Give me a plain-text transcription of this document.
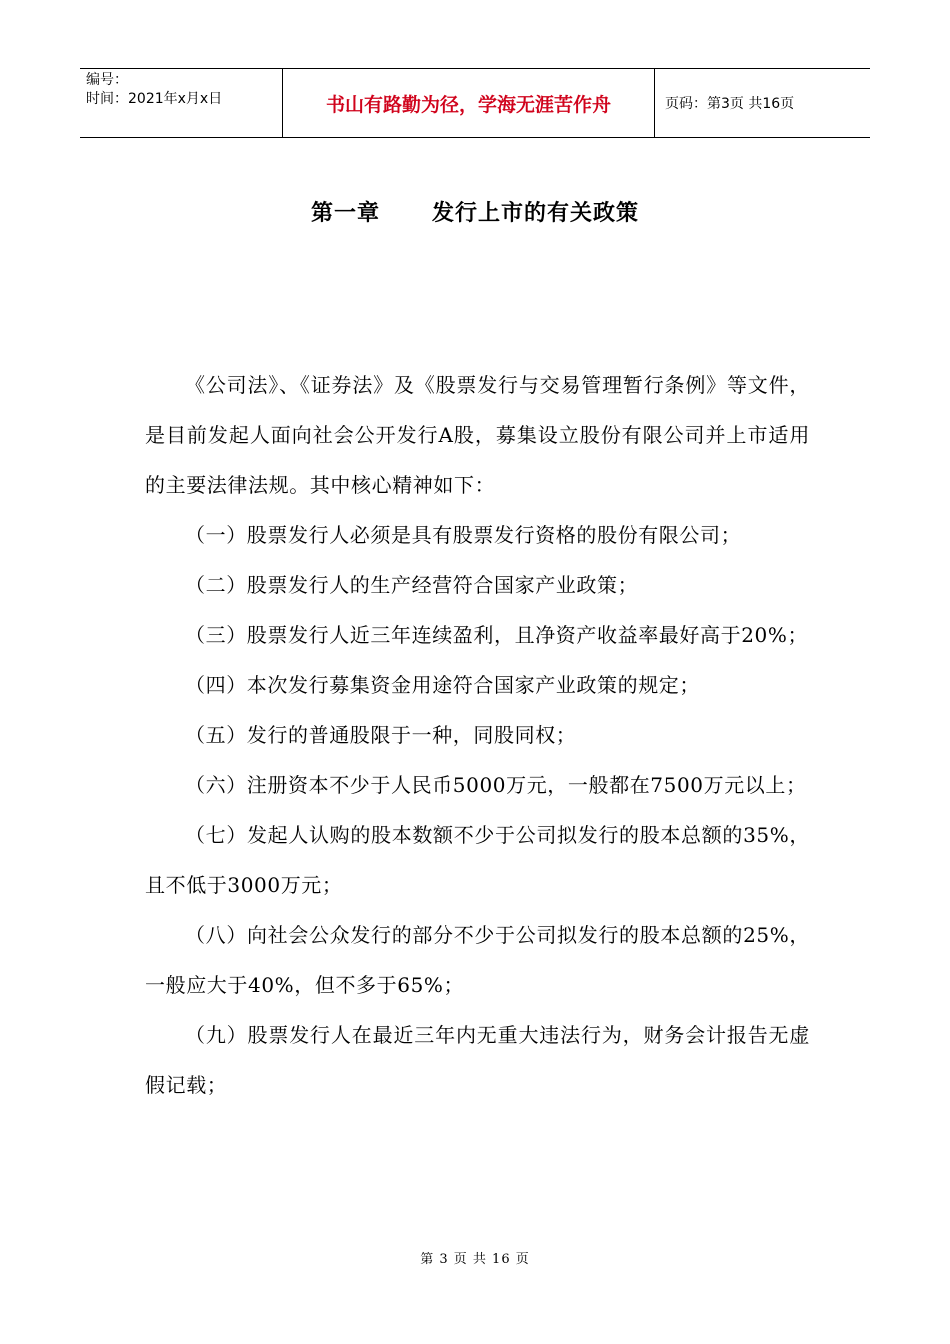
编号：
时间：2021年x月x日	书山有路勤为径，学海无涯苦作舟	页码：第3页 共16页
第一章 发行上市的有关政策

《公司法》、《证券法》及《股票发行与交易管理暂行条例》等文件，是目前发起人面向社会公开发行A股，募集设立股份有限公司并上市适用的主要法律法规。其中核心精神如下：

（一）股票发行人必须是具有股票发行资格的股份有限公司；

（二）股票发行人的生产经营符合国家产业政策；

（三）股票发行人近三年连续盈利，且净资产收益率最好高于20%；

（四）本次发行募集资金用途符合国家产业政策的规定；

（五）发行的普通股限于一种，同股同权；

（六）注册资本不少于人民币5000万元，一般都在7500万元以上；

（七）发起人认购的股本数额不少于公司拟发行的股本总额的35%，且不低于3000万元；

（八）向社会公众发行的部分不少于公司拟发行的股本总额的25%，一般应大于40%，但不多于65%；

（九）股票发行人在最近三年内无重大违法行为，财务会计报告无虚假记载；

第 3 页 共 16 页
